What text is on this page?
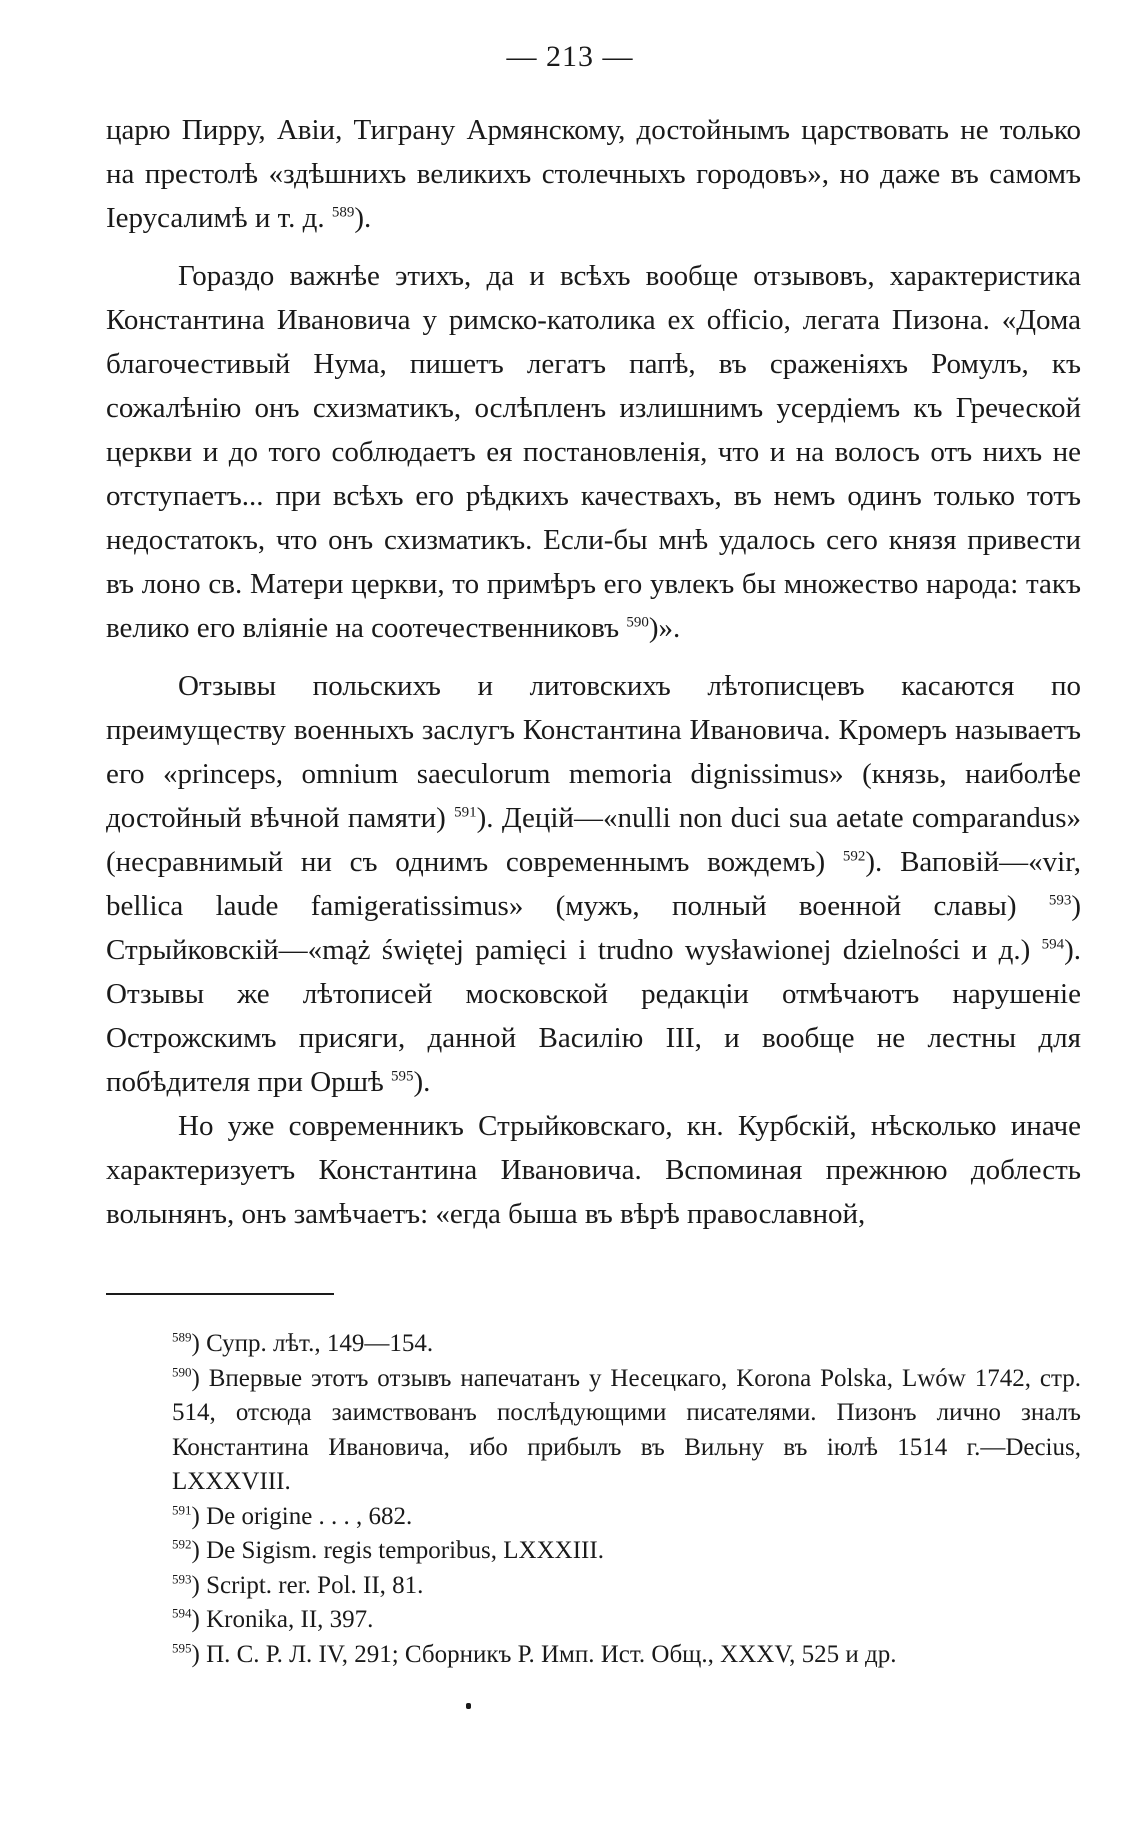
— 213 —

царю Пирру, Авіи, Тиграну Армянскому, достойнымъ царствовать не только на престолѣ «здѣшнихъ великихъ столечныхъ городовъ», но даже въ самомъ Іерусалимѣ и т. д. $^{589}$).

Гораздо важнѣе этихъ, да и всѣхъ вообще отзывовъ, характеристика Константина Ивановича у римско-католика ex officio, легата Пизона. «Дома благочестивый Нума, пишетъ легатъ папѣ, въ сраженіяхъ Ромулъ, къ сожалѣнію онъ схизматикъ, ослѣпленъ излишнимъ усердіемъ къ Греческой церкви и до того соблюдаетъ ея постановленія, что и на волосъ отъ нихъ не отступаетъ... при всѣхъ его рѣдкихъ качествахъ, въ немъ одинъ только тотъ недостатокъ, что онъ схизматикъ. Если-бы мнѣ удалось сего князя привести въ лоно св. Матери церкви, то примѣръ его увлекъ бы множество народа: такъ велико его вліяніе на соотечественниковъ $^{590}$)».

Отзывы польскихъ и литовскихъ лѣтописцевъ касаются по преимуществу военныхъ заслугъ Константина Ивановича. Кромеръ называетъ его «princeps, omnium saeculorum memoria dignissimus» (князь, наиболѣе достойный вѣчной памяти) $^{591}$). Децій—«nulli non duci sua aetate comparandus» (несравнимый ни съ однимъ современнымъ вождемъ) $^{592}$). Ваповій—«vir, bellica laude famigeratissimus» (мужъ, полный военной славы) $^{593}$) Стрыйковскій—«mąż świętej pamięci i trudno wysławionej dzielności и д.) $^{594}$). Отзывы же лѣтописей московской редакціи отмѣчаютъ нарушеніе Острожскимъ присяги, данной Василію III, и вообще не лестны для побѣдителя при Оршѣ $^{595}$).

Но уже современникъ Стрыйковскаго, кн. Курбскій, нѣсколько иначе характеризуетъ Константина Ивановича. Вспоминая прежнюю доблесть волынянъ, онъ замѣчаетъ: «егда быша въ вѣрѣ православной,

$^{589}$) Супр. лѣт., 149—154.

$^{590}$) Впервые этотъ отзывъ напечатанъ у Несецкаго, Korona Polska, Lwów 1742, стр. 514, отсюда заимствованъ послѣдующими писателями. Пизонъ лично зналъ Константина Ивановича, ибо прибылъ въ Вильну въ іюлѣ 1514 г.—Decius, LXXXVIII.

$^{591}$) De origine . . . , 682.

$^{592}$) De Sigism. regis temporibus, LXXXIII.

$^{593}$) Script. rer. Pol. II, 81.

$^{594}$) Kronika, II, 397.

$^{595}$) П. С. Р. Л. IV, 291; Сборникъ Р. Имп. Ист. Общ., XXXV, 525 и др.
